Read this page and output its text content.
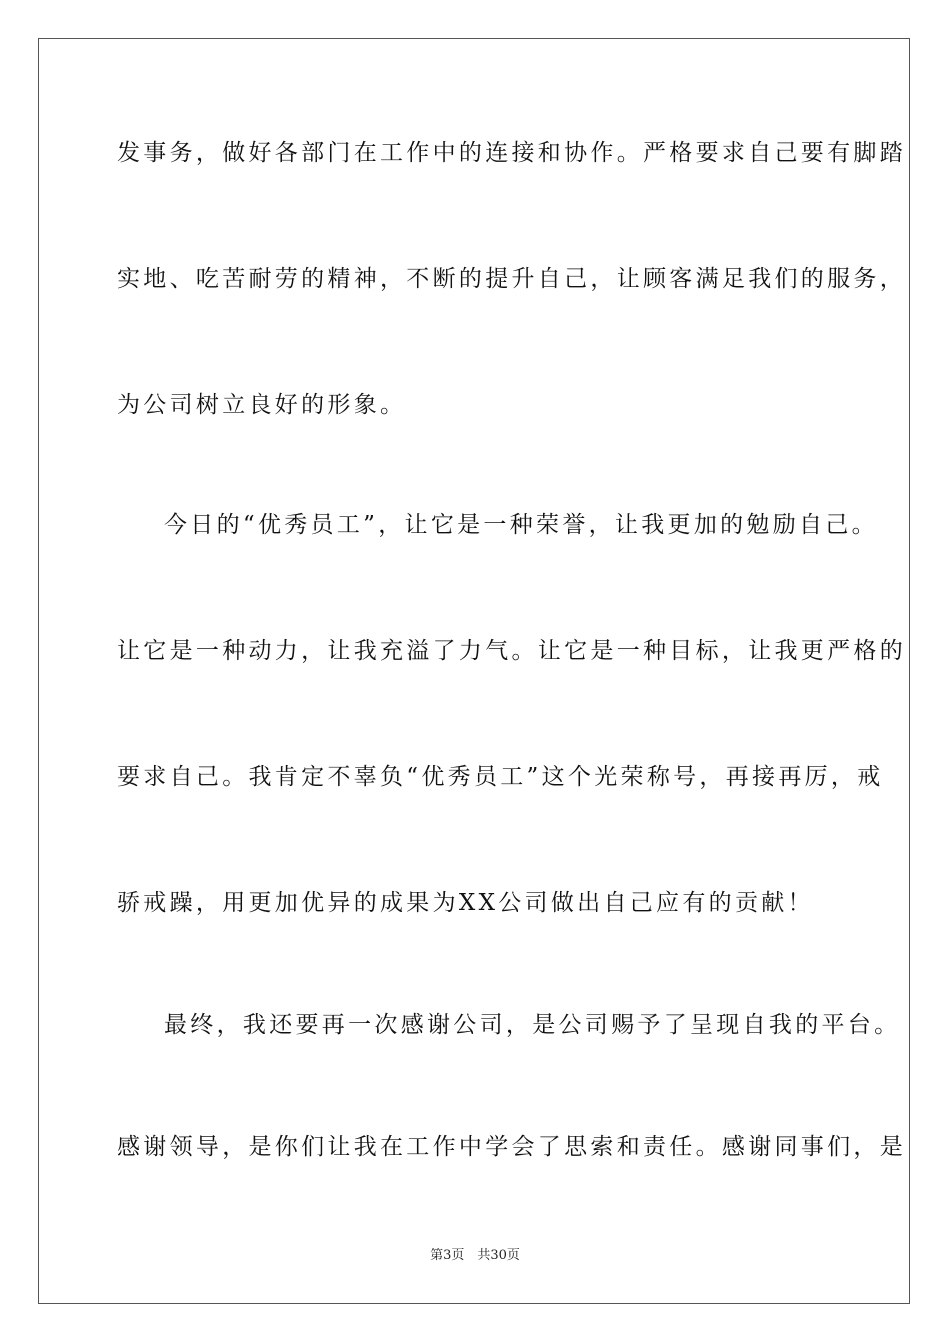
发事务，做好各部门在工作中的连接和协作。严格要求自己要有脚踏
实地、吃苦耐劳的精神，不断的提升自己，让顾客满足我们的服务，
为公司树立良好的形象。
今日的“优秀员工”，让它是一种荣誉，让我更加的勉励自己。
让它是一种动力，让我充溢了力气。让它是一种目标，让我更严格的
要求自己。我肯定不辜负“优秀员工”这个光荣称号，再接再厉，戒
骄戒躁，用更加优异的成果为XX公司做出自己应有的贡献！
最终，我还要再一次感谢公司，是公司赐予了呈现自我的平台。
感谢领导，是你们让我在工作中学会了思索和责任。感谢同事们，是
第3页　共30页
